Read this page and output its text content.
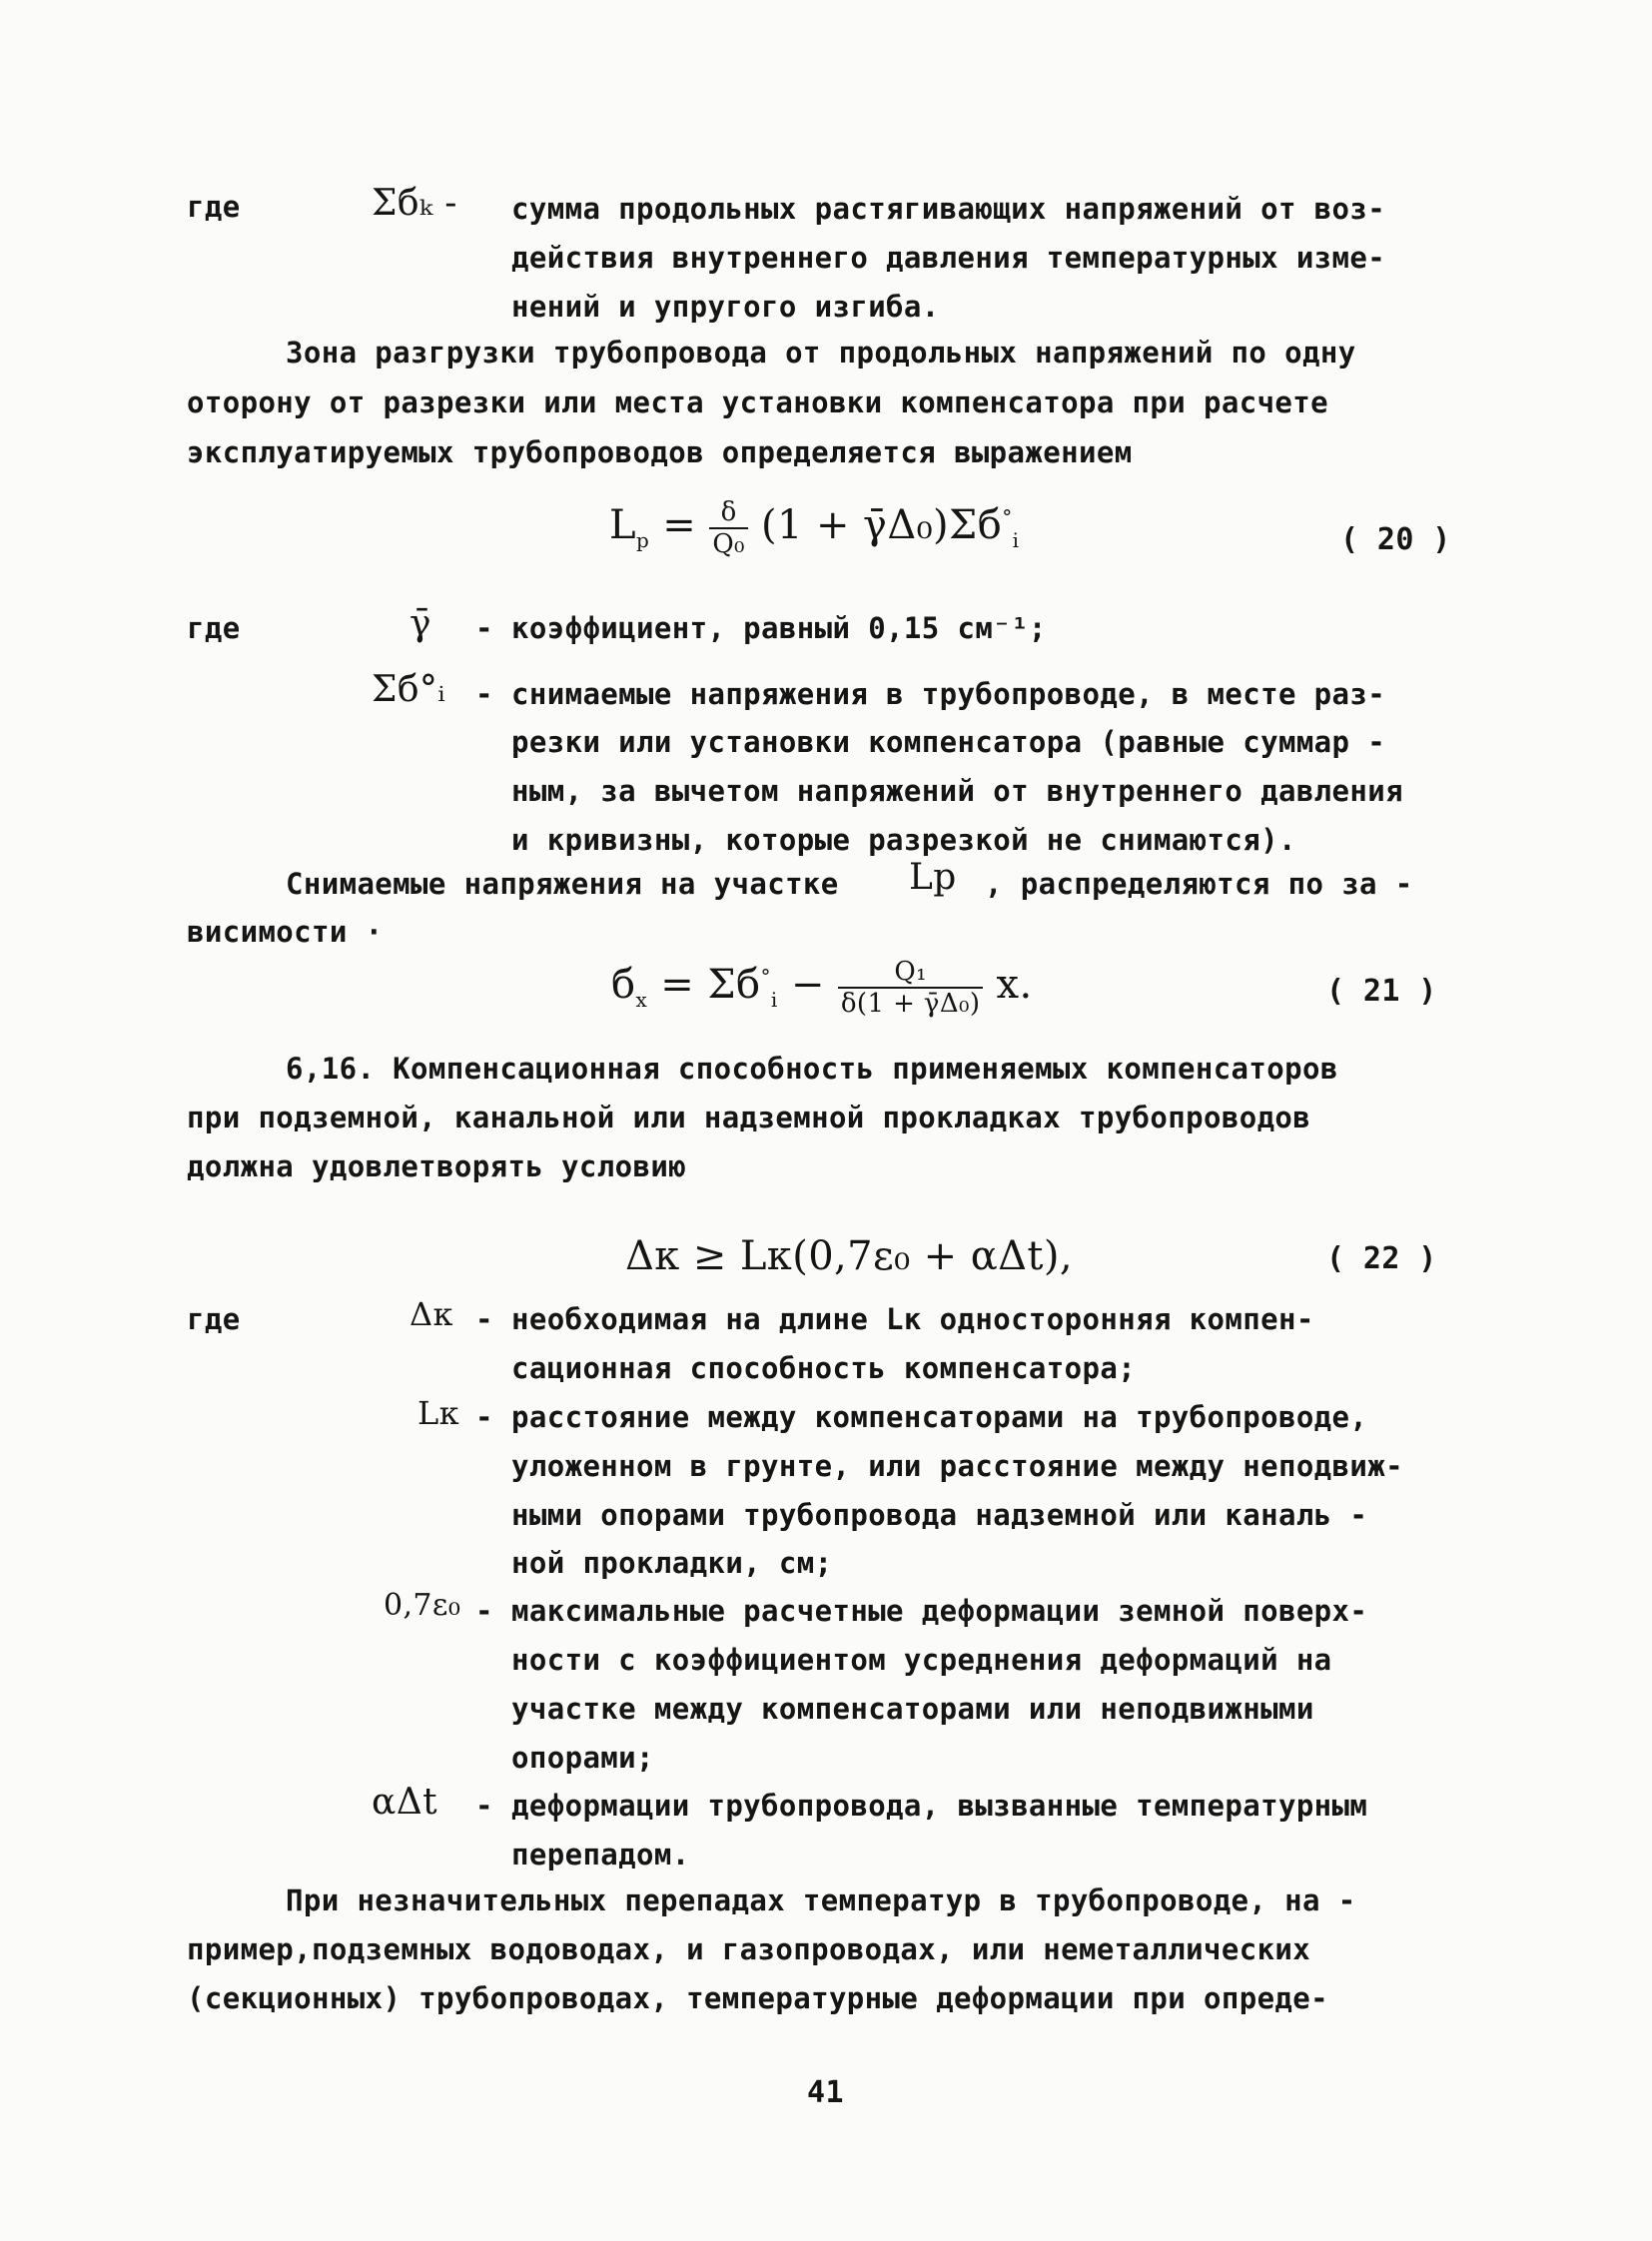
где	Σбₖ - сумма продольных растягивающих напряжений от воз-
действия внутреннего давления температурных изме-
нений и упругого изгиба.
Зона разгрузки трубопровода от продольных напряжений по одну
оторону от разрезки или места установки компенсатора при расчете
эксплуатируемых трубопроводов определяется выражением
$L_р = \frac{\delta}{\text{Q₀}} (1$ + $\gammā\Delta_0)\Sigma б^\circ_i$	( 20 )
где	γ̄ - коэффициент, равный 0,15 см⁻¹;
Σб°ᵢ - снимаемые напряжения в трубопроводе, в месте раз-
резки или установки компенсатора (равные суммар -
ным, за вычетом напряжений от внутреннего давления
и кривизны, которые разрезкой не снимаются).
Снимаемые напряжения на участке Lр , распределяются по за -
висимости ·
$б_х = \Sigma б^\circ_i - \frac{\text{Q₁}}{\text{δ(1 + γ̄Δ₀)}} x$.	( 21 )
6,16. Компенсационная способность применяемых компенсаторов
при подземной, канальной или надземной прокладках трубопроводов
должна удовлетворять условию
Δк ≥ Lк(0,7ε₀ + αΔt),	( 22 )
где	Δк - необходимая на длине Lк односторонняя компен-
сационная способность компенсатора;
Lк - расстояние между компенсаторами на трубопроводе,
уложенном в грунте, или расстояние между неподвиж-
ными опорами трубопровода надземной или каналь -
ной прокладки, см;
0,7ε₀ - максимальные расчетные деформации земной поверх-
ности с коэффициентом усреднения деформаций на
участке между компенсаторами или неподвижными
опорами;
αΔt - деформации трубопровода, вызванные температурным
перепадом.
При незначительных перепадах температур в трубопроводе, на -
пример,подземных водоводах, и газопроводах, или неметаллических
(секционных) трубопроводах, температурные деформации при опреде-
41
